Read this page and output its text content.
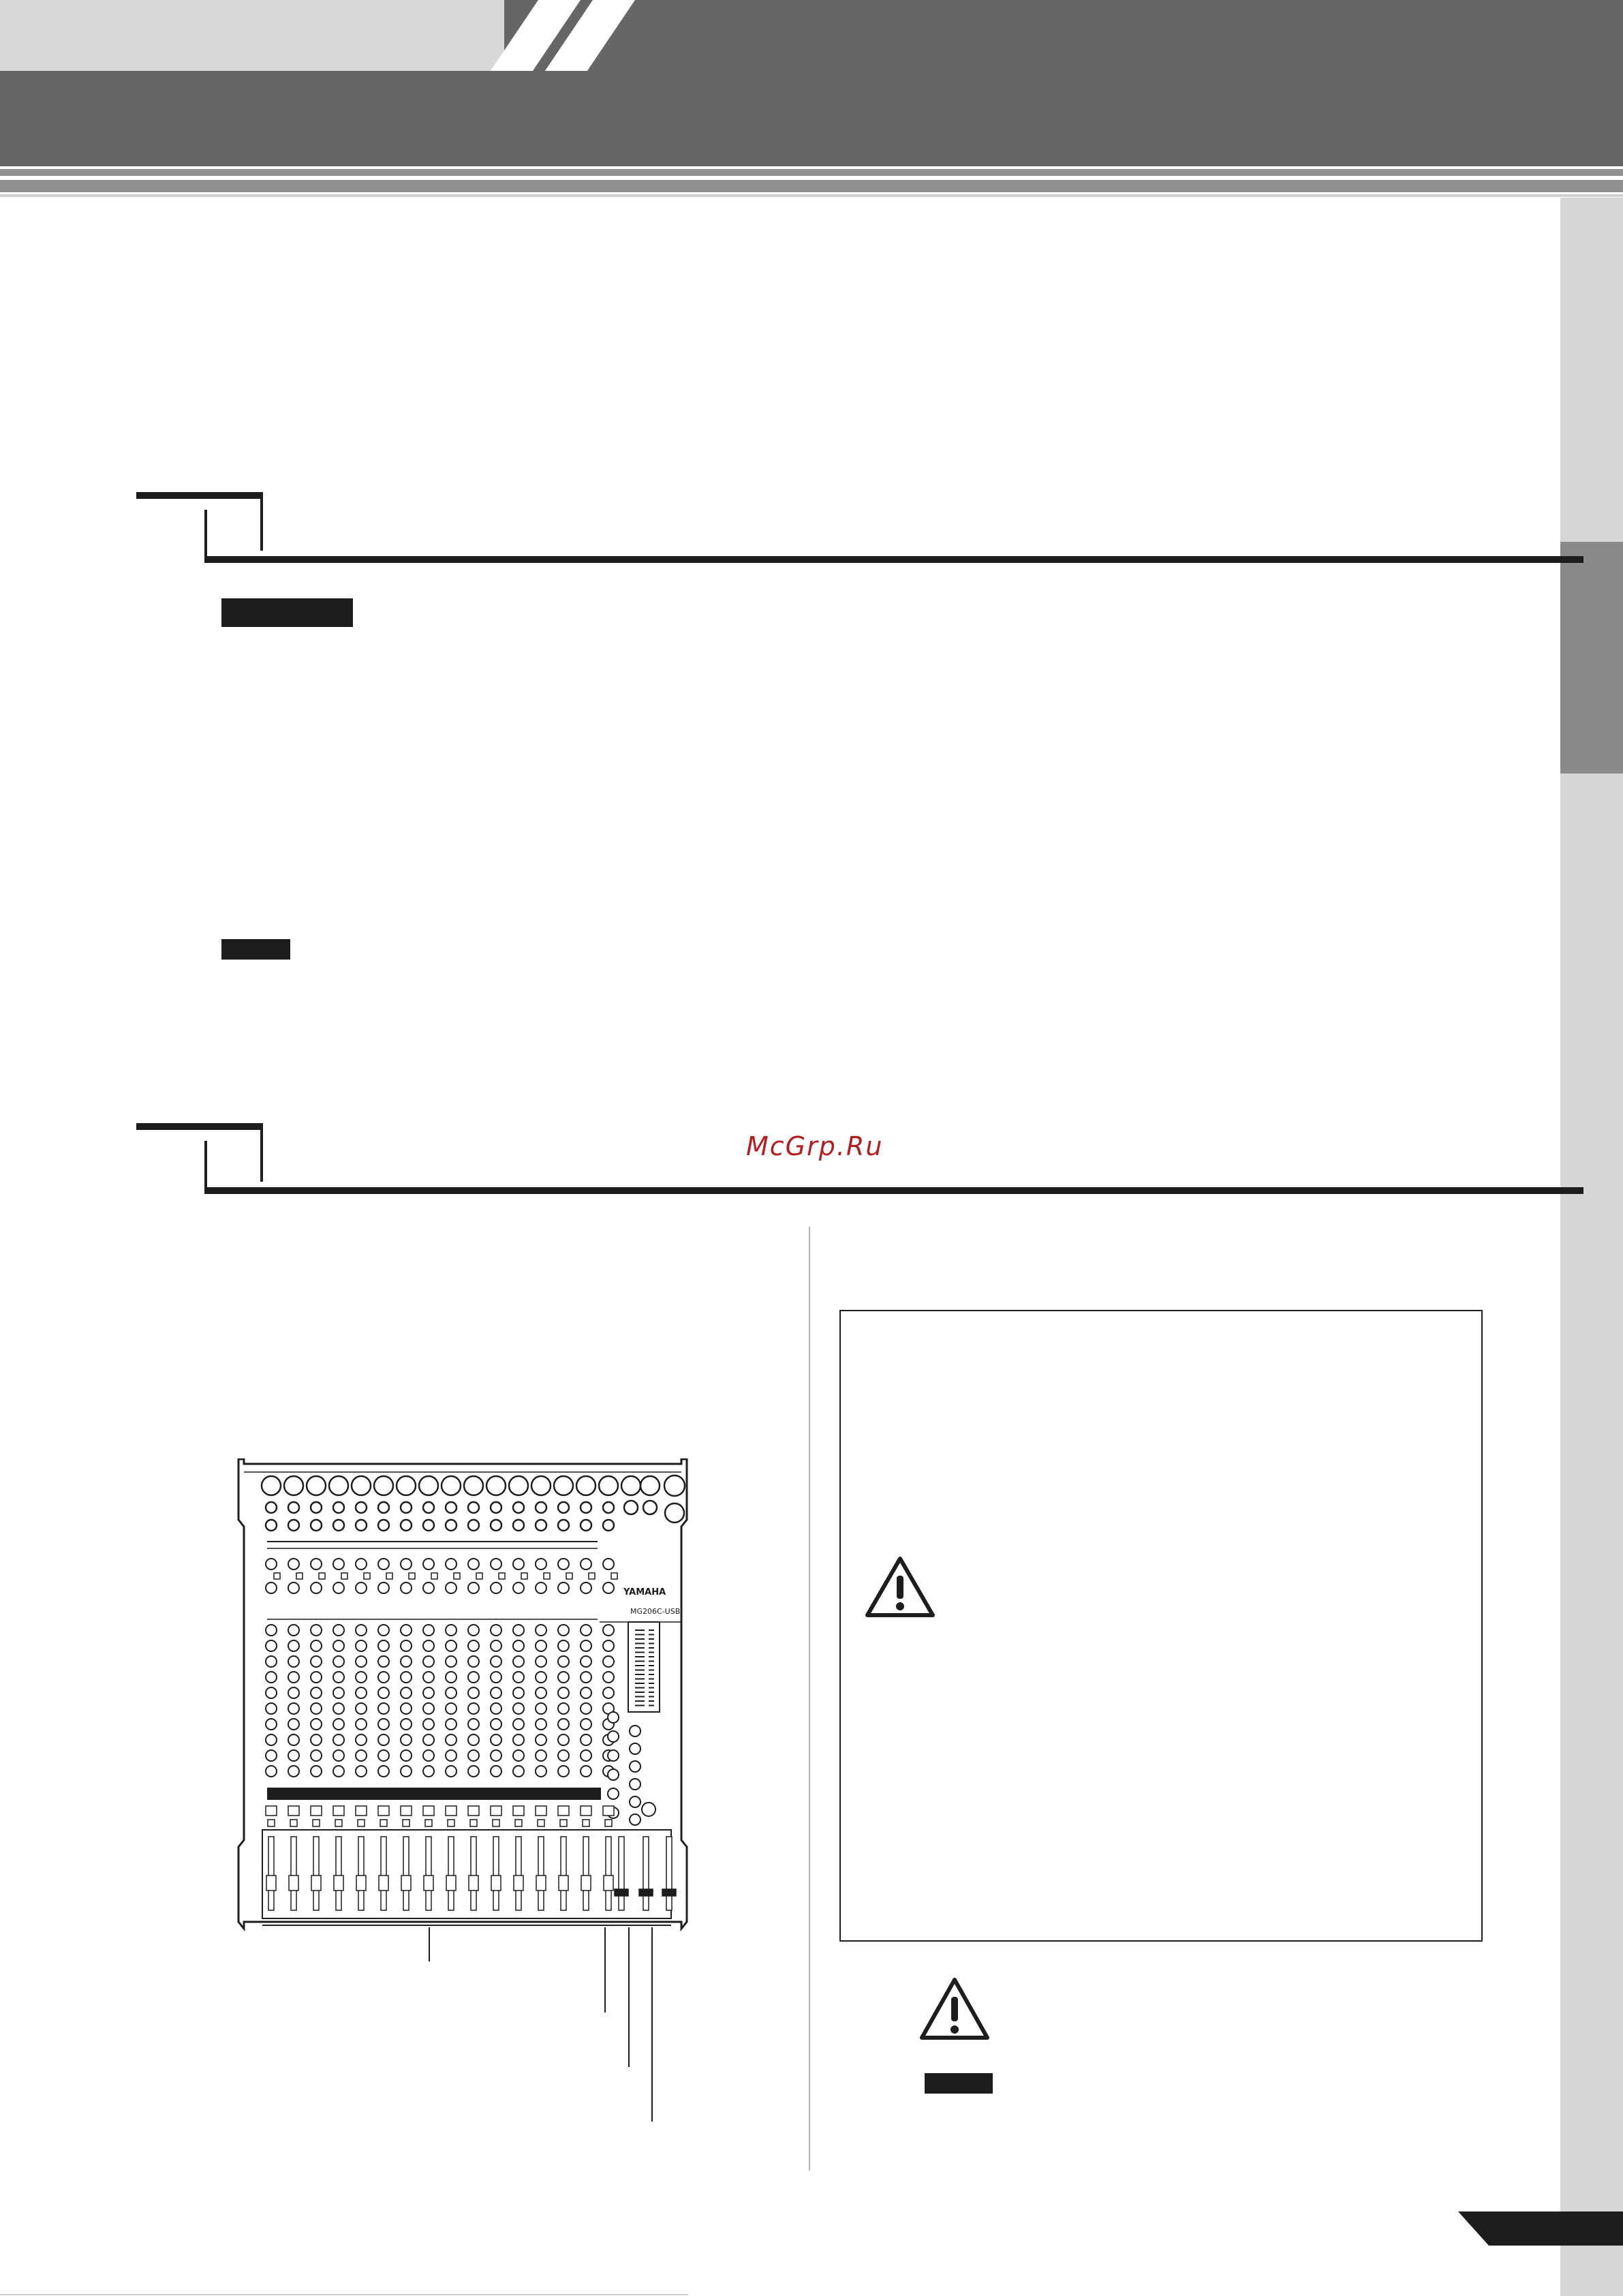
McGrp.Ru
MG206C-USB
YAMAHA
